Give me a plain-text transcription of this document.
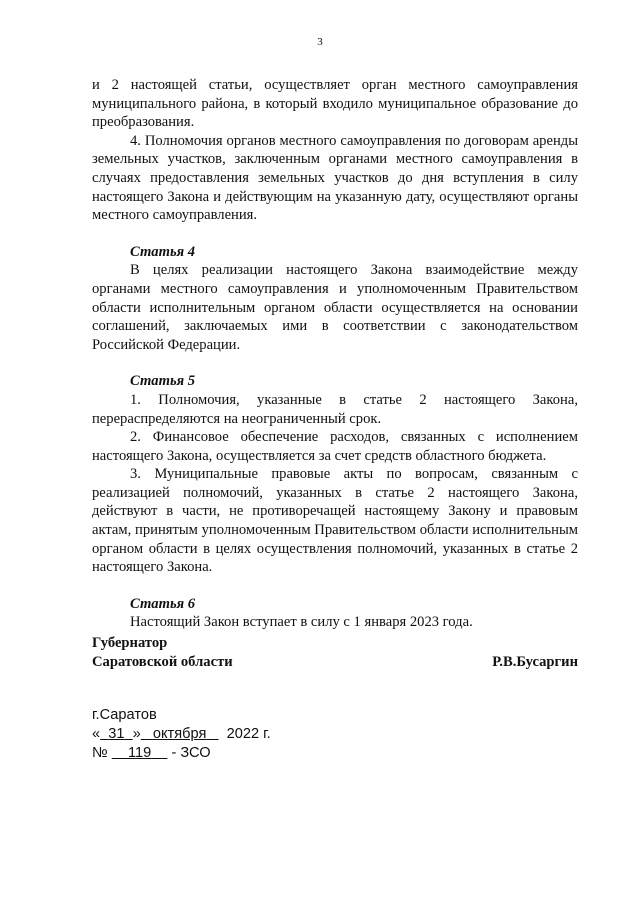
3

и 2 настоящей статьи, осуществляет орган местного самоуправления муниципального района, в который входило муниципальное образование до преобразования.

4. Полномочия органов местного самоуправления по договорам аренды земельных участков, заключенным органами местного самоуправления в случаях предоставления земельных участков до дня вступления в силу настоящего Закона и действующим на указанную дату, осуществляют органы местного самоуправления.

Статья 4

В целях реализации настоящего Закона взаимодействие между органами местного самоуправления и уполномоченным Правительством области исполнительным органом области осуществляется на основании соглашений, заключаемых ими в соответствии с законодательством Российской Федерации.

Статья 5

1. Полномочия, указанные в статье 2 настоящего Закона, перераспределяются на неограниченный срок.

2. Финансовое обеспечение расходов, связанных с исполнением настоящего Закона, осуществляется за счет средств областного бюджета.

3. Муниципальные правовые акты по вопросам, связанным с реализацией полномочий, указанных в статье 2 настоящего Закона, действуют в части, не противоречащей настоящему Закону и правовым актам, принятым уполномоченным Правительством области исполнительным органом области в целях осуществления полномочий, указанных в статье 2 настоящего Закона.

Статья 6

Настоящий Закон вступает в силу с 1 января 2023 года.

Губернатор
Саратовской области	Р.В.Бусаргин
г.Саратов
« 31 » октября 2022 г.
№ 119 - ЗСО
